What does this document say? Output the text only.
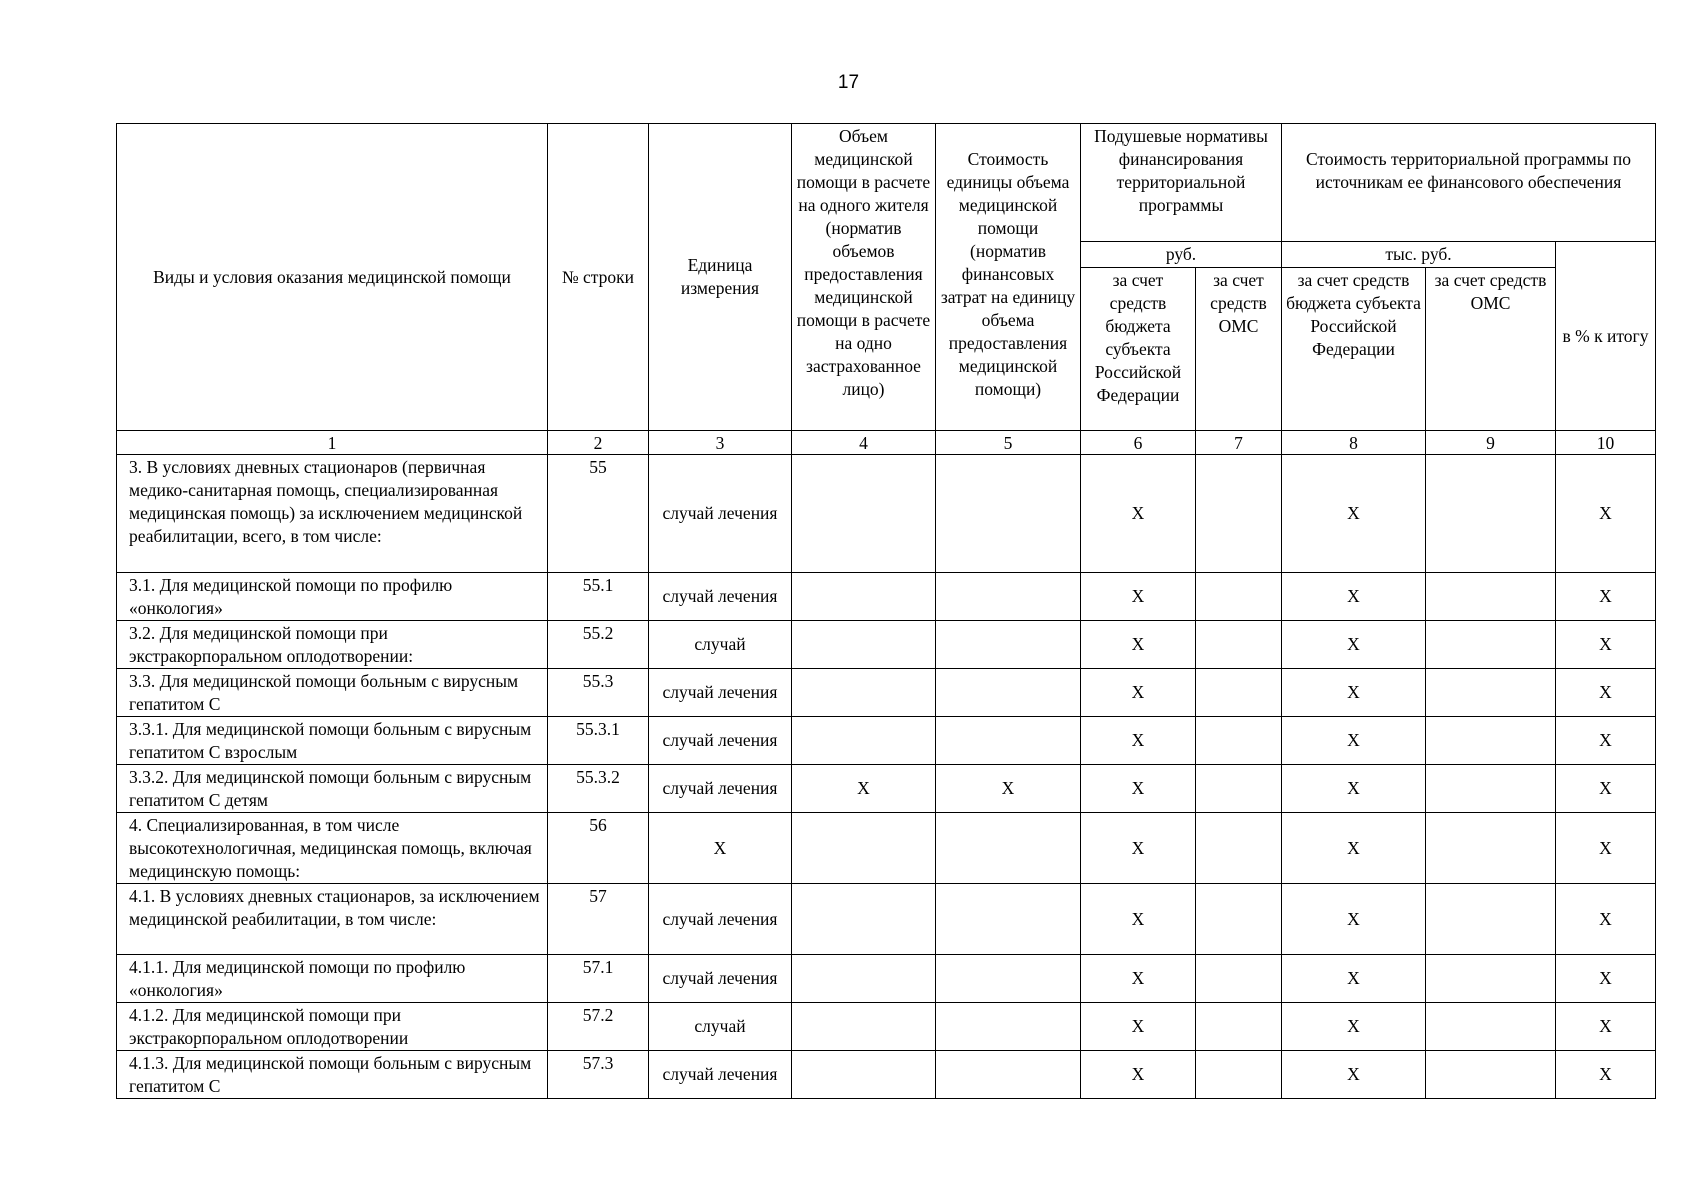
17
Виды и условия оказания медицинской помощи	№ строки	Единица измерения	Объем медицинской помощи в расчете на одного жителя (норматив объемов предоставления медицинской помощи в расчете на одно застрахованное лицо)	Стоимость единицы объема медицинской помощи (норматив финансовых затрат на единицу объема предоставления медицинской помощи)	Подушевые нормативы финансирования территориальной программы		Стоимость территориальной программы по источникам ее финансового обеспечения		
					руб.		тыс. руб.		в % к итогу
					за счет средств бюджета субъекта Российской Федерации	за счет средств ОМС	за счет средств бюджета субъекта Российской Федерации	за счет средств ОМС	
1	2	3	4	5	6	7	8	9	10
3. В условиях дневных стационаров (первичная медико-санитарная помощь, специализированная медицинская помощь) за исключением медицинской реабилитации, всего, в том числе:	55	случай лечения			X		X		X
3.1. Для медицинской помощи по профилю «онкология»	55.1	случай лечения			X		X		X
3.2. Для медицинской помощи при экстракорпоральном оплодотворении:	55.2	случай			X		X		X
3.3. Для медицинской помощи больным с вирусным гепатитом С	55.3	случай лечения			X		X		X
3.3.1. Для медицинской помощи больным с вирусным гепатитом С взрослым	55.3.1	случай лечения			X		X		X
3.3.2. Для медицинской помощи больным с вирусным гепатитом С детям	55.3.2	случай лечения	X	X	X		X		X
4. Специализированная, в том числе высокотехнологичная, медицинская помощь, включая медицинскую помощь:	56	X			X		X		X
4.1. В условиях дневных стационаров, за исключением медицинской реабилитации, в том числе:	57	случай лечения			X		X		X
4.1.1. Для медицинской помощи по профилю «онкология»	57.1	случай лечения			X		X		X
4.1.2. Для медицинской помощи при экстракорпоральном оплодотворении	57.2	случай			X		X		X
4.1.3. Для медицинской помощи больным с вирусным гепатитом С	57.3	случай лечения			X		X		X
